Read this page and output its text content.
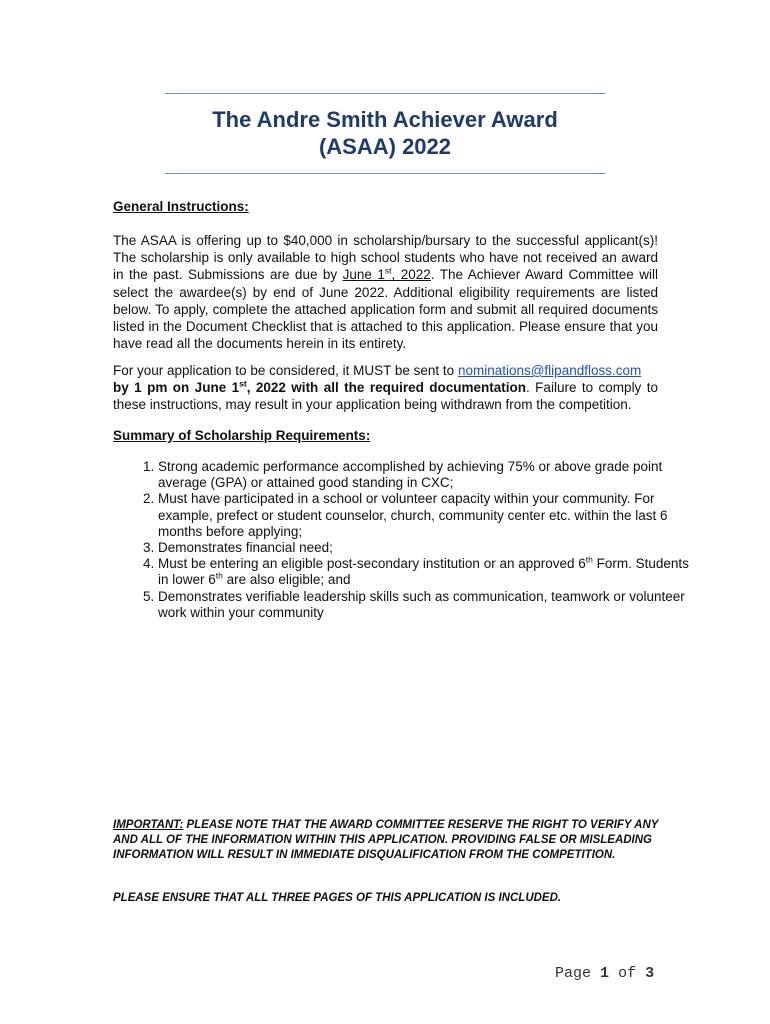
The Andre Smith Achiever Award
(ASAA) 2022
General Instructions:

The ASAA is offering up to $40,000 in scholarship/bursary to the successful applicant(s)! The scholarship is only available to high school students who have not received an award in the past. Submissions are due by June 1st, 2022. The Achiever Award Committee will select the awardee(s) by end of June 2022. Additional eligibility requirements are listed below. To apply, complete the attached application form and submit all required documents listed in the Document Checklist that is attached to this application. Please ensure that you have read all the documents herein in its entirety.

For your application to be considered, it MUST be sent to nominations@flipandfloss.com
by 1 pm on June 1st, 2022 with all the required documentation. Failure to comply to these instructions, may result in your application being withdrawn from the competition.

Summary of Scholarship Requirements:
1. Strong academic performance accomplished by achieving 75% or above grade point average (GPA) or attained good standing in CXC;
2. Must have participated in a school or volunteer capacity within your community. For example, prefect or student counselor, church, community center etc. within the last 6 months before applying;
3. Demonstrates financial need;
4. Must be entering an eligible post-secondary institution or an approved 6th Form. Students in lower 6th are also eligible; and
5. Demonstrates verifiable leadership skills such as communication, teamwork or volunteer work within your community

IMPORTANT: PLEASE NOTE THAT THE AWARD COMMITTEE RESERVE THE RIGHT TO VERIFY ANY AND ALL OF THE INFORMATION WITHIN THIS APPLICATION. PROVIDING FALSE OR MISLEADING INFORMATION WILL RESULT IN IMMEDIATE DISQUALIFICATION FROM THE COMPETITION.

PLEASE ENSURE THAT ALL THREE PAGES OF THIS APPLICATION IS INCLUDED.
Page 1 of 3
